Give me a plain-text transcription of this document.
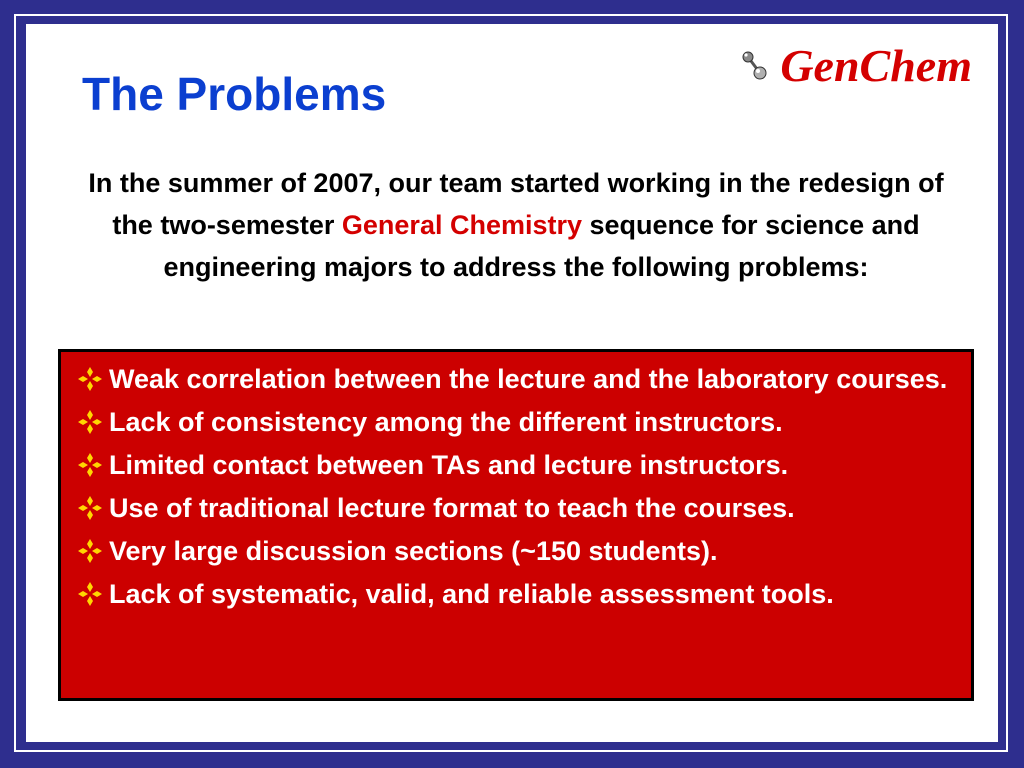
The Problems
GenChem

In the summer of 2007, our team started working in the redesign of the two-semester General Chemistry sequence for science and engineering majors to address the following problems:

Weak correlation between the lecture and the laboratory courses.
Lack of consistency among the different instructors.
Limited contact between TAs and lecture instructors.
Use of traditional lecture format to teach the courses.
Very large discussion sections (~150 students).
Lack of systematic, valid, and reliable assessment tools.
